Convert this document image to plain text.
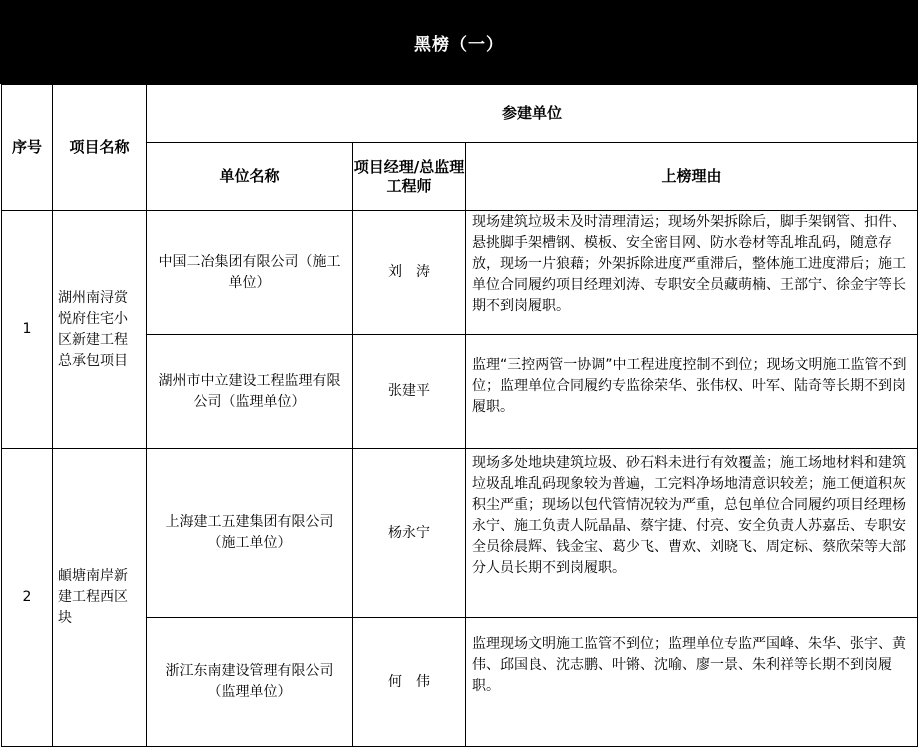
黑榜（一）
序号	项目名称	参建单位		
		单位名称	项目经理/总监理工程师	上榜理由
1	湖州南浔赏悦府住宅小区新建工程总承包项目	中国二冶集团有限公司（施工单位）	刘　涛	现场建筑垃圾未及时清理清运；现场外架拆除后，脚手架钢管、扣件、悬挑脚手架槽钢、模板、安全密目网、防水卷材等乱堆乱码，随意存放，现场一片狼藉；外架拆除进度严重滞后，整体施工进度滞后；施工单位合同履约项目经理刘涛、专职安全员藏萌楠、王部宁、徐金宇等长期不到岗履职。
		湖州市中立建设工程监理有限公司（监理单位）	张建平	监理“三控两管一协调”中工程进度控制不到位；现场文明施工监管不到位；监理单位合同履约专监徐荣华、张伟权、叶军、陆奇等长期不到岗履职。
2	頔塘南岸新建工程西区块	上海建工五建集团有限公司（施工单位）	杨永宁	现场多处地块建筑垃圾、砂石料未进行有效覆盖；施工场地材料和建筑垃圾乱堆乱码现象较为普遍，工完料净场地清意识较差；施工便道积灰积尘严重；现场以包代管情况较为严重，总包单位合同履约项目经理杨永宁、施工负责人阮晶晶、蔡宇捷、付亮、安全负责人苏嘉岳、专职安全员徐晨辉、钱金宝、葛少飞、曹欢、刘晓飞、周定标、蔡欣荣等大部分人员长期不到岗履职。
		浙江东南建设管理有限公司（监理单位）	何　伟	监理现场文明施工监管不到位；监理单位专监严国峰、朱华、张宇、黄伟、邱国良、沈志鹏、叶锵、沈喻、廖一景、朱利祥等长期不到岗履职。
